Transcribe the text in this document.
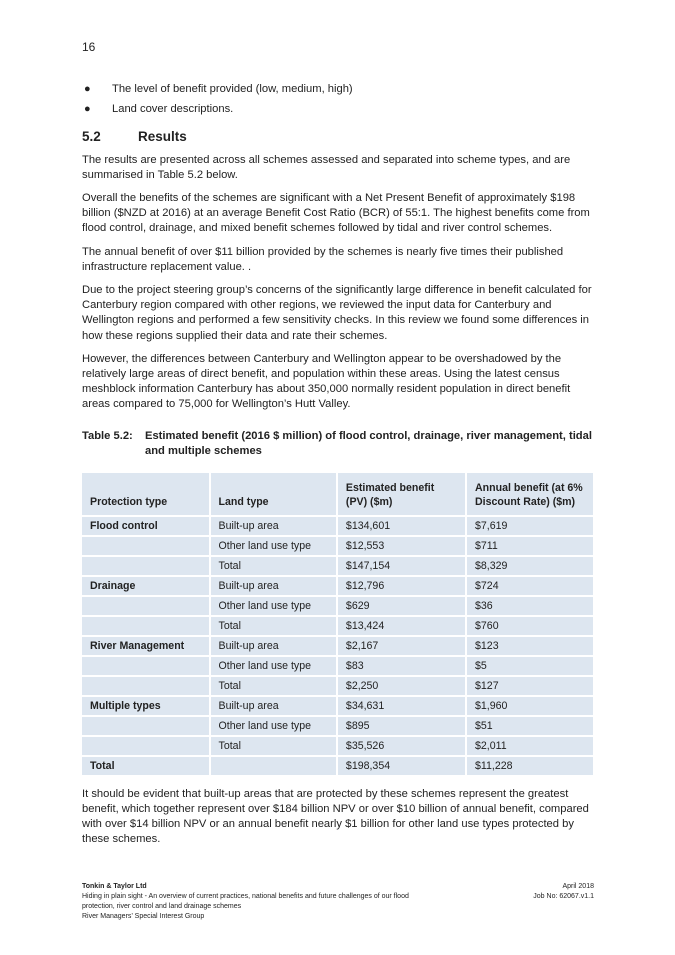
16
● The level of benefit provided (low, medium, high)
● Land cover descriptions.
5.2	Results

The results are presented across all schemes assessed and separated into scheme types, and are summarised in Table 5.2 below.

Overall the benefits of the schemes are significant with a Net Present Benefit of approximately $198 billion ($NZD at 2016) at an average Benefit Cost Ratio (BCR) of 55:1. The highest benefits come from flood control, drainage, and mixed benefit schemes followed by tidal and river control schemes.

The annual benefit of over $11 billion provided by the schemes is nearly five times their published infrastructure replacement value. .

Due to the project steering group’s concerns of the significantly large difference in benefit calculated for Canterbury region compared with other regions, we reviewed the input data for Canterbury and Wellington regions and performed a few sensitivity checks. In this review we found some differences in how these regions supplied their data and rate their schemes.

However, the differences between Canterbury and Wellington appear to be overshadowed by the relatively large areas of direct benefit, and population within these areas. Using the latest census meshblock information Canterbury has about 350,000 normally resident population in direct benefit areas compared to 75,000 for Wellington’s Hutt Valley.

Table 5.2:	Estimated benefit (2016 $ million) of flood control, drainage, river management, tidal and multiple schemes
Protection type	Land type	Estimated benefit (PV) ($m)	Annual benefit (at 6% Discount Rate) ($m)
Flood control	Built-up area	$134,601	$7,619
	Other land use type	$12,553	$711
	Total	$147,154	$8,329
Drainage	Built-up area	$12,796	$724
	Other land use type	$629	$36
	Total	$13,424	$760
River Management	Built-up area	$2,167	$123
	Other land use type	$83	$5
	Total	$2,250	$127
Multiple types	Built-up area	$34,631	$1,960
	Other land use type	$895	$51
	Total	$35,526	$2,011
Total		$198,354	$11,228

It should be evident that built-up areas that are protected by these schemes represent the greatest benefit, which together represent over $184 billion NPV or over $10 billion of annual benefit, compared with over $14 billion NPV or an annual benefit nearly $1 billion for other land use types protected by these schemes.

Tonkin & Taylor Ltd	April 2018
Hiding in plain sight - An overview of current practices, national benefits and future challenges of our flood	Job No: 62067.v1.1
protection, river control and land drainage schemes
River Managers’ Special Interest Group
